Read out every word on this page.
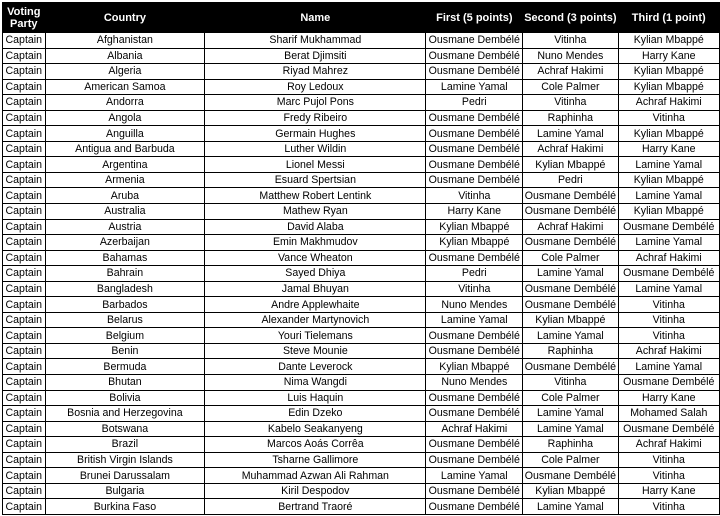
Voting Party	Country	Name	First (5 points)	Second (3 points)	Third (1 point)
Captain	Afghanistan	Sharif Mukhammad	Ousmane Dembélé	Vitinha	Kylian Mbappé
Captain	Albania	Berat Djimsiti	Ousmane Dembélé	Nuno Mendes	Harry Kane
Captain	Algeria	Riyad Mahrez	Ousmane Dembélé	Achraf Hakimi	Kylian Mbappé
Captain	American Samoa	Roy Ledoux	Lamine Yamal	Cole Palmer	Kylian Mbappé
Captain	Andorra	Marc Pujol Pons	Pedri	Vitinha	Achraf Hakimi
Captain	Angola	Fredy Ribeiro	Ousmane Dembélé	Raphinha	Vitinha
Captain	Anguilla	Germain Hughes	Ousmane Dembélé	Lamine Yamal	Kylian Mbappé
Captain	Antigua and Barbuda	Luther Wildin	Ousmane Dembélé	Achraf Hakimi	Harry Kane
Captain	Argentina	Lionel Messi	Ousmane Dembélé	Kylian Mbappé	Lamine Yamal
Captain	Armenia	Esuard Spertsian	Ousmane Dembélé	Pedri	Kylian Mbappé
Captain	Aruba	Matthew Robert Lentink	Vitinha	Ousmane Dembélé	Lamine Yamal
Captain	Australia	Mathew Ryan	Harry Kane	Ousmane Dembélé	Kylian Mbappé
Captain	Austria	David Alaba	Kylian Mbappé	Achraf Hakimi	Ousmane Dembélé
Captain	Azerbaijan	Emin Makhmudov	Kylian Mbappé	Ousmane Dembélé	Lamine Yamal
Captain	Bahamas	Vance Wheaton	Ousmane Dembélé	Cole Palmer	Achraf Hakimi
Captain	Bahrain	Sayed Dhiya	Pedri	Lamine Yamal	Ousmane Dembélé
Captain	Bangladesh	Jamal Bhuyan	Vitinha	Ousmane Dembélé	Lamine Yamal
Captain	Barbados	Andre Applewhaite	Nuno Mendes	Ousmane Dembélé	Vitinha
Captain	Belarus	Alexander Martynovich	Lamine Yamal	Kylian Mbappé	Vitinha
Captain	Belgium	Youri Tielemans	Ousmane Dembélé	Lamine Yamal	Vitinha
Captain	Benin	Steve Mounie	Ousmane Dembélé	Raphinha	Achraf Hakimi
Captain	Bermuda	Dante Leverock	Kylian Mbappé	Ousmane Dembélé	Lamine Yamal
Captain	Bhutan	Nima Wangdi	Nuno Mendes	Vitinha	Ousmane Dembélé
Captain	Bolivia	Luis Haquin	Ousmane Dembélé	Cole Palmer	Harry Kane
Captain	Bosnia and Herzegovina	Edin Dzeko	Ousmane Dembélé	Lamine Yamal	Mohamed Salah
Captain	Botswana	Kabelo Seakanyeng	Achraf Hakimi	Lamine Yamal	Ousmane Dembélé
Captain	Brazil	Marcos Aoás Corrêa	Ousmane Dembélé	Raphinha	Achraf Hakimi
Captain	British Virgin Islands	Tsharne Gallimore	Ousmane Dembélé	Cole Palmer	Vitinha
Captain	Brunei Darussalam	Muhammad Azwan Ali Rahman	Lamine Yamal	Ousmane Dembélé	Vitinha
Captain	Bulgaria	Kiril Despodov	Ousmane Dembélé	Kylian Mbappé	Harry Kane
Captain	Burkina Faso	Bertrand Traoré	Ousmane Dembélé	Lamine Yamal	Vitinha
